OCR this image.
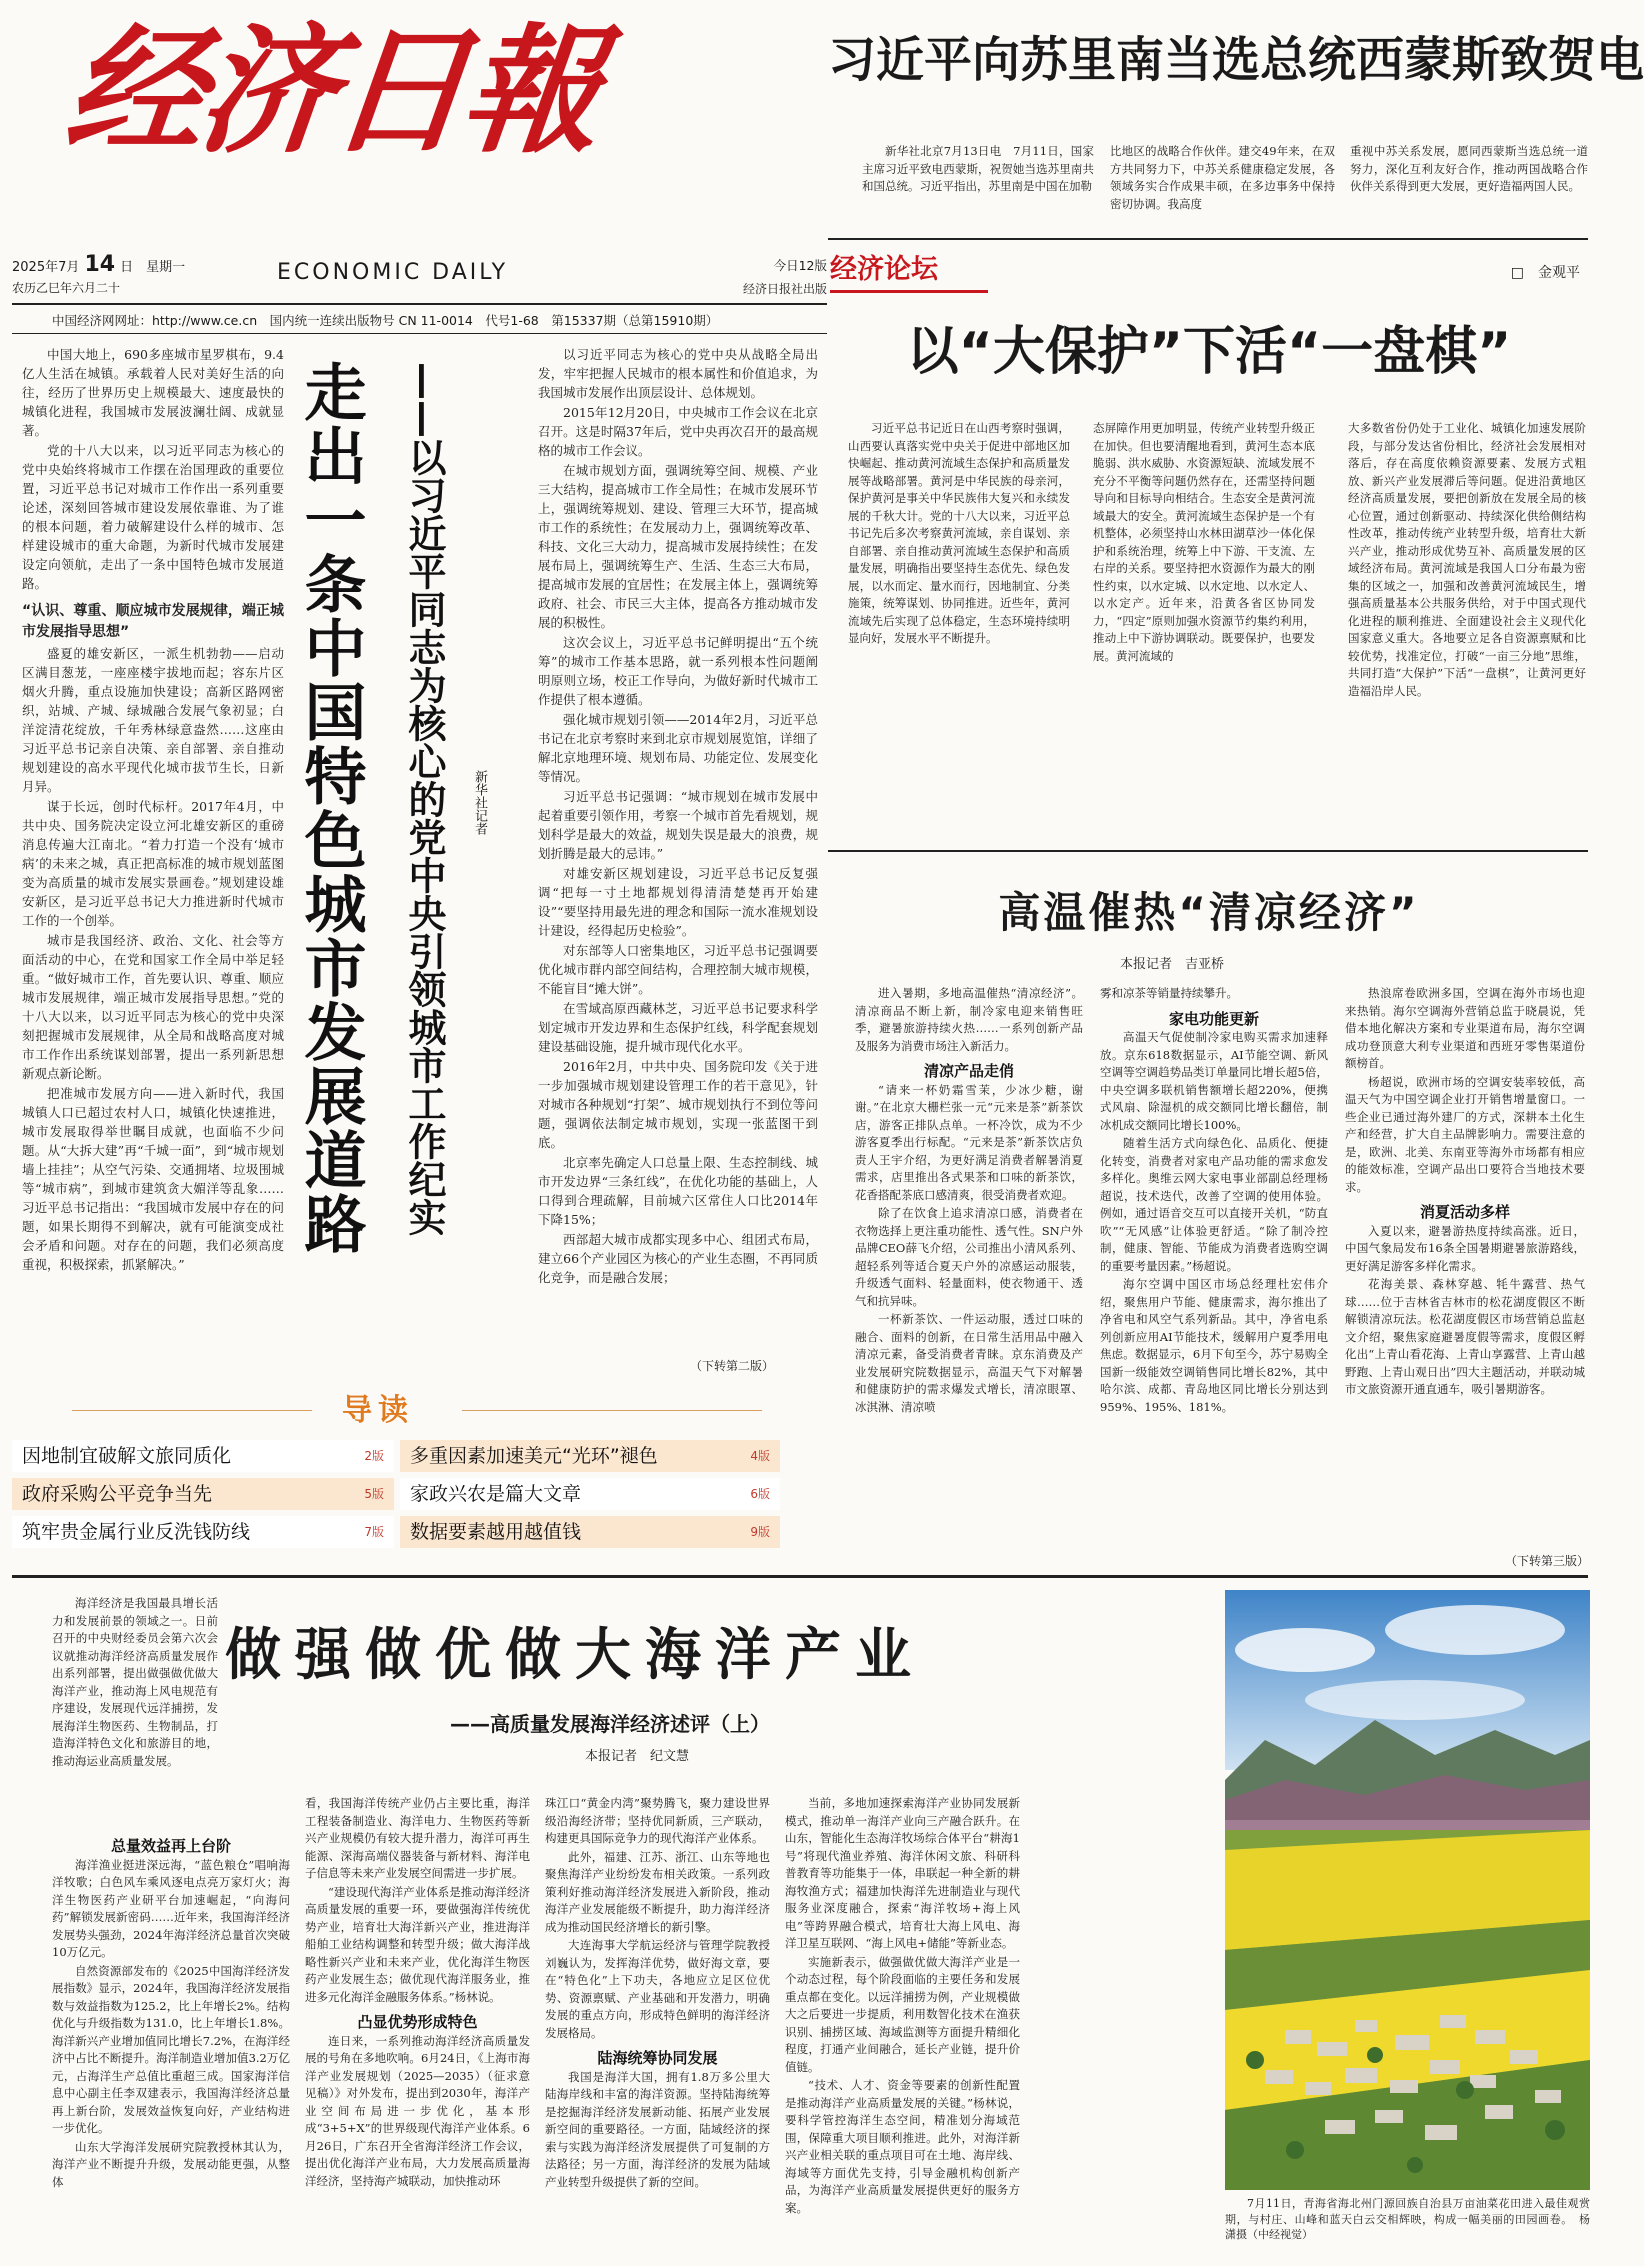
经济日報
2025年7月 14 日　星期一
农历乙巳年六月二十
ECONOMIC DAILY	今日12版
经济日报社出版
中国经济网网址：http://www.ce.cn　国内统一连续出版物号 CN 11-0014　代号1-68　第15337期（总第15910期）
习近平向苏里南当选总统西蒙斯致贺电

新华社北京7月13日电　7月11日，国家主席习近平致电西蒙斯，祝贺她当选苏里南共和国总统。习近平指出，苏里南是中国在加勒

比地区的战略合作伙伴。建交49年来，在双方共同努力下，中苏关系健康稳定发展，各领域务实合作成果丰硕，在多边事务中保持密切协调。我高度

重视中苏关系发展，愿同西蒙斯当选总统一道努力，深化互利友好合作，推动两国战略合作伙伴关系得到更大发展，更好造福两国人民。

经济论坛	□　金观平
以“大保护”下活“一盘棋”

习近平总书记近日在山西考察时强调，山西要认真落实党中央关于促进中部地区加快崛起、推动黄河流域生态保护和高质量发展等战略部署。黄河是中华民族的母亲河，保护黄河是事关中华民族伟大复兴和永续发展的千秋大计。党的十八大以来，习近平总书记先后多次考察黄河流域，亲自谋划、亲自部署、亲自推动黄河流域生态保护和高质量发展，明确指出要坚持生态优先、绿色发展，以水而定、量水而行，因地制宜、分类施策，统筹谋划、协同推进。近些年，黄河流域先后实现了总体稳定，生态环境持续明显向好，发展水平不断提升。

态屏障作用更加明显，传统产业转型升级正在加快。但也要清醒地看到，黄河生态本底脆弱、洪水威胁、水资源短缺、流域发展不充分不平衡等问题仍然存在，还需坚持问题导向和目标导向相结合。生态安全是黄河流域最大的安全。黄河流域生态保护是一个有机整体，必须坚持山水林田湖草沙一体化保护和系统治理，统筹上中下游、干支流、左右岸的关系。要坚持把水资源作为最大的刚性约束，以水定城、以水定地、以水定人、以水定产。近年来，沿黄各省区协同发力，“四定”原则加强水资源节约集约利用，推动上中下游协调联动。既要保护，也要发展。黄河流域的

大多数省份仍处于工业化、城镇化加速发展阶段，与部分发达省份相比，经济社会发展相对落后，存在高度依赖资源要素、发展方式粗放、新兴产业发展滞后等问题。促进沿黄地区经济高质量发展，要把创新放在发展全局的核心位置，通过创新驱动、持续深化供给侧结构性改革，推动传统产业转型升级，培育壮大新兴产业，推动形成优势互补、高质量发展的区域经济布局。黄河流域是我国人口分布最为密集的区域之一，加强和改善黄河流域民生，增强高质量基本公共服务供给，对于中国式现代化进程的顺利推进、全面建设社会主义现代化国家意义重大。各地要立足各自资源禀赋和比较优势，找准定位，打破“一亩三分地”思维，共同打造“大保护”下活“一盘棋”，让黄河更好造福沿岸人民。

中国大地上，690多座城市星罗棋布，9.4亿人生活在城镇。承载着人民对美好生活的向往，经历了世界历史上规模最大、速度最快的城镇化进程，我国城市发展波澜壮阔、成就显著。

党的十八大以来，以习近平同志为核心的党中央始终将城市工作摆在治国理政的重要位置，习近平总书记对城市工作作出一系列重要论述，深刻回答城市建设发展依靠谁、为了谁的根本问题，着力破解建设什么样的城市、怎样建设城市的重大命题，为新时代城市发展建设定向领航，走出了一条中国特色城市发展道路。

“认识、尊重、顺应城市发展规律，端正城市发展指导思想”

盛夏的雄安新区，一派生机勃勃——启动区满目葱茏，一座座楼宇拔地而起；容东片区烟火升腾，重点设施加快建设；高新区路网密织，站城、产城、绿城融合发展气象初显；白洋淀清花绽放，千年秀林绿意盎然……这座由习近平总书记亲自决策、亲自部署、亲自推动规划建设的高水平现代化城市拔节生长，日新月异。

谋于长远，创时代标杆。2017年4月，中共中央、国务院决定设立河北雄安新区的重磅消息传遍大江南北。“着力打造一个没有‘城市病’的未来之城，真正把高标准的城市规划蓝图变为高质量的城市发展实景画卷。”规划建设雄安新区，是习近平总书记大力推进新时代城市工作的一个创举。

城市是我国经济、政治、文化、社会等方面活动的中心，在党和国家工作全局中举足轻重。“做好城市工作，首先要认识、尊重、顺应城市发展规律，端正城市发展指导思想。”党的十八大以来，以习近平同志为核心的党中央深刻把握城市发展规律，从全局和战略高度对城市工作作出系统谋划部署，提出一系列新思想新观点新论断。

把准城市发展方向——进入新时代，我国城镇人口已超过农村人口，城镇化快速推进，城市发展取得举世瞩目成就，也面临不少问题。从“大拆大建”再“千城一面”，到“城市规划墙上挂挂”；从空气污染、交通拥堵、垃圾围城等“城市病”，到城市建筑贪大媚洋等乱象……习近平总书记指出：“我国城市发展中存在的问题，如果长期得不到解决，就有可能演变成社会矛盾和问题。对存在的问题，我们必须高度重视，积极探索，抓紧解决。”

走出一条中国特色城市发展道路 ——以习近平同志为核心的党中央引领城市工作纪实	新华社记者

以习近平同志为核心的党中央从战略全局出发，牢牢把握人民城市的根本属性和价值追求，为我国城市发展作出顶层设计、总体规划。

2015年12月20日，中央城市工作会议在北京召开。这是时隔37年后，党中央再次召开的最高规格的城市工作会议。

在城市规划方面，强调统筹空间、规模、产业三大结构，提高城市工作全局性；在城市发展环节上，强调统筹规划、建设、管理三大环节，提高城市工作的系统性；在发展动力上，强调统筹改革、科技、文化三大动力，提高城市发展持续性；在发展布局上，强调统筹生产、生活、生态三大布局，提高城市发展的宜居性；在发展主体上，强调统筹政府、社会、市民三大主体，提高各方推动城市发展的积极性。

这次会议上，习近平总书记鲜明提出“五个统筹”的城市工作基本思路，就一系列根本性问题阐明原则立场，校正工作导向，为做好新时代城市工作提供了根本遵循。

强化城市规划引领——2014年2月，习近平总书记在北京考察时来到北京市规划展览馆，详细了解北京地理环境、规划布局、功能定位、发展变化等情况。

习近平总书记强调：“城市规划在城市发展中起着重要引领作用，考察一个城市首先看规划，规划科学是最大的效益，规划失误是最大的浪费，规划折腾是最大的忌讳。”

对雄安新区规划建设，习近平总书记反复强调“把每一寸土地都规划得清清楚楚再开始建设”“要坚持用最先进的理念和国际一流水准规划设计建设，经得起历史检验”。

对东部等人口密集地区，习近平总书记强调要优化城市群内部空间结构，合理控制大城市规模，不能盲目“摊大饼”。

在雪域高原西藏林芝，习近平总书记要求科学划定城市开发边界和生态保护红线，科学配套规划建设基础设施，提升城市现代化水平。

2016年2月，中共中央、国务院印发《关于进一步加强城市规划建设管理工作的若干意见》，针对城市各种规划“打架”、城市规划执行不到位等问题，强调依法制定城市规划，实现一张蓝图干到底。

北京率先确定人口总量上限、生态控制线、城市开发边界“三条红线”，在优化功能的基础上，人口得到合理疏解，目前城六区常住人口比2014年下降15%；

西部超大城市成都实现多中心、组团式布局，建立66个产业园区为核心的产业生态圈，不再同质化竞争，而是融合发展；

（下转第二版）
导读
因地制宜破解文旅同质化	2版	多重因素加速美元“光环”褪色	4版
政府采购公平竞争当先	5版	家政兴农是篇大文章	6版
筑牢贵金属行业反洗钱防线	7版	数据要素越用越值钱	9版
高温催热“清凉经济”
本报记者　吉亚桥

进入暑期，多地高温催热“清凉经济”。清凉商品不断上新，制冷家电迎来销售旺季，避暑旅游持续火热……一系列创新产品及服务为消费市场注入新活力。

清凉产品走俏

“请来一杯奶霜雪茉，少冰少糖，谢谢。”在北京大栅栏张一元“元来是茶”新茶饮店，游客正排队点单。一杯冷饮，成为不少游客夏季出行标配。“元来是茶”新茶饮店负责人王宇介绍，为更好满足消费者解暑消夏需求，店里推出各式果茶和口味的新茶饮，花香搭配茶底口感清爽，很受消费者欢迎。

除了在饮食上追求清凉口感，消费者在衣物选择上更注重功能性、透气性。SN户外品牌CEO薛飞介绍，公司推出小清风系列、超轻系列等适合夏天户外的凉感运动服装，升级透气面料、轻量面料，使衣物通干、透气和抗异味。

一杯新茶饮、一件运动服，透过口味的融合、面料的创新，在日常生活用品中融入清凉元素，备受消费者青睐。京东消费及产业发展研究院数据显示，高温天气下对解暑和健康防护的需求爆发式增长，清凉眼罩、冰淇淋、清凉喷

雾和凉茶等销量持续攀升。

家电功能更新

高温天气促使制冷家电购买需求加速释放。京东618数据显示，AI节能空调、新风空调等空调趋势品类订单量同比增长超5倍，中央空调多联机销售额增长超220%，便携式风扇、除湿机的成交额同比增长翻倍，制冰机成交额同比增长100%。

随着生活方式向绿色化、品质化、便捷化转变，消费者对家电产品功能的需求愈发多样化。奥维云网大家电事业部副总经理杨超说，技术迭代，改善了空调的使用体验。例如，通过语音交互可以直接开关机，“防直吹”“无风感”让体验更舒适。“除了制冷控制，健康、智能、节能成为消费者选购空调的重要考量因素。”杨超说。

海尔空调中国区市场总经理杜宏伟介绍，聚焦用户节能、健康需求，海尔推出了净省电和风空气系列新品。其中，净省电系列创新应用AI节能技术，缓解用户夏季用电焦虑。数据显示，6月下旬至今，苏宁易购全国新一级能效空调销售同比增长82%，其中哈尔滨、成都、青岛地区同比增长分别达到959%、195%、181%。

热浪席卷欧洲多国，空调在海外市场也迎来热销。海尔空调海外营销总监于晓晨说，凭借本地化解决方案和专业渠道布局，海尔空调成功登顶意大利专业渠道和西班牙零售渠道份额榜首。

杨超说，欧洲市场的空调安装率较低，高温天气为中国空调企业打开销售增量窗口。一些企业已通过海外建厂的方式，深耕本土化生产和经营，扩大自主品牌影响力。需要注意的是，欧洲、北美、东南亚等海外市场都有相应的能效标准，空调产品出口要符合当地技术要求。

消夏活动多样

入夏以来，避暑游热度持续高涨。近日，中国气象局发布16条全国暑期避暑旅游路线，更好满足游客多样化需求。

花海美景、森林穿越、牦牛露营、热气球……位于吉林省吉林市的松花湖度假区不断解锁清凉玩法。松花湖度假区市场营销总监赵文介绍，聚焦家庭避暑度假等需求，度假区孵化出“上青山看花海、上青山享露营、上青山越野跑、上青山观日出”四大主题活动，并联动城市文旅资源开通直通车，吸引暑期游客。

（下转第三版）

海洋经济是我国最具增长活力和发展前景的领域之一。日前召开的中央财经委员会第六次会议就推动海洋经济高质量发展作出系列部署，提出做强做优做大海洋产业，推动海上风电规范有序建设，发展现代远洋捕捞，发展海洋生物医药、生物制品，打造海洋特色文化和旅游目的地，推动海运业高质量发展。

做强做优做大海洋产业
——高质量发展海洋经济述评（上）
本报记者　纪文慧

总量效益再上台阶

海洋渔业挺进深远海，“蓝色粮仓”唱响海洋牧歌；白色风车乘风逐电点亮万家灯火；海洋生物医药产业研平台加速崛起，“向海问药”解锁发展新密码……近年来，我国海洋经济发展势头强劲，2024年海洋经济总量首次突破10万亿元。

自然资源部发布的《2025中国海洋经济发展指数》显示，2024年，我国海洋经济发展指数与效益指数为125.2，比上年增长2%。结构优化与升级指数为131.0，比上年增长1.8%。海洋新兴产业增加值同比增长7.2%，在海洋经济中占比不断提升。海洋制造业增加值3.2万亿元，占海洋生产总值比重超三成。国家海洋信息中心副主任李双建表示，我国海洋经济总量再上新台阶，发展效益恢复向好，产业结构进一步优化。

山东大学海洋发展研究院教授林其认为，海洋产业不断提升升级，发展动能更强，从整体

看，我国海洋传统产业仍占主要比重，海洋工程装备制造业、海洋电力、生物医药等新兴产业规模仍有较大提升潜力，海洋可再生能源、深海高端仪器装备与新材料、海洋电子信息等未来产业发展空间需进一步扩展。

“建设现代海洋产业体系是推动海洋经济高质量发展的重要一环，要做强海洋传统优势产业，培育壮大海洋新兴产业，推进海洋船舶工业结构调整和转型升级；做大海洋战略性新兴产业和未来产业，优化海洋生物医药产业发展生态；做优现代海洋服务业，推进多元化海洋金融服务体系。”杨林说。

凸显优势形成特色

连日来，一系列推动海洋经济高质量发展的号角在多地吹响。6月24日，《上海市海洋产业发展规划（2025—2035）（征求意见稿）》对外发布，提出到2030年，海洋产业空间布局进一步优化，基本形成“3+5+X”的世界级现代海洋产业体系。6月26日，广东召开全省海洋经济工作会议，提出优化海洋产业布局，大力发展高质量海洋经济，坚持海产城联动，加快推动环

珠江口“黄金内湾”聚势腾飞，聚力建设世界级沿海经济带；坚持优同新质，三产联动，构建更具国际竞争力的现代海洋产业体系。

此外，福建、江苏、浙江、山东等地也聚焦海洋产业纷纷发布相关政策。一系列政策利好推动海洋经济发展进入新阶段，推动海洋产业发展能级不断提升，助力海洋经济成为推动国民经济增长的新引擎。

大连海事大学航运经济与管理学院教授刘巍认为，发挥海洋优势，做好海文章，要在“特色化”上下功夫，各地应立足区位优势、资源禀赋、产业基础和开发潜力，明确发展的重点方向，形成特色鲜明的海洋经济发展格局。

陆海统筹协同发展

我国是海洋大国，拥有1.8万多公里大陆海岸线和丰富的海洋资源。坚持陆海统筹是挖掘海洋经济发展新动能、拓展产业发展新空间的重要路径。一方面，陆域经济的探索与实践为海洋经济发展提供了可复制的方法路径；另一方面，海洋经济的发展为陆域产业转型升级提供了新的空间。

当前，多地加速探索海洋产业协同发展新模式，推动单一海洋产业向三产融合跃升。在山东，智能化生态海洋牧场综合体平台“耕海1号”将现代渔业养殖、海洋休闲文旅、科研科普教育等功能集于一体，串联起一种全新的耕海牧渔方式；福建加快海洋先进制造业与现代服务业深度融合，探索“海洋牧场+海上风电”等跨界融合模式，培育壮大海上风电、海洋卫星互联网、“海上风电+储能”等新业态。

实施新表示，做强做优做大海洋产业是一个动态过程，每个阶段面临的主要任务和发展重点都在变化。以远洋捕捞为例，产业规模做大之后要进一步提质，利用数智化技术在渔获识别、捕捞区域、海域监测等方面提升精细化程度，打通产业间融合，延长产业链，提升价值链。

“技术、人才、资金等要素的创新性配置是推动海洋产业高质量发展的关键。”杨林说，要科学管控海洋生态空间，精准划分海域范围，保障重大项目顺利推进。此外，对海洋新兴产业相关联的重点项目可在土地、海岸线、海域等方面优先支持，引导金融机构创新产品，为海洋产业高质量发展提供更好的服务方案。	7月11日，青海省海北州门源回族自治县万亩油菜花田进入最佳观赏期，与村庄、山峰和蓝天白云交相辉映，构成一幅美丽的田园画卷。　杨　潇摄（中经视觉）
